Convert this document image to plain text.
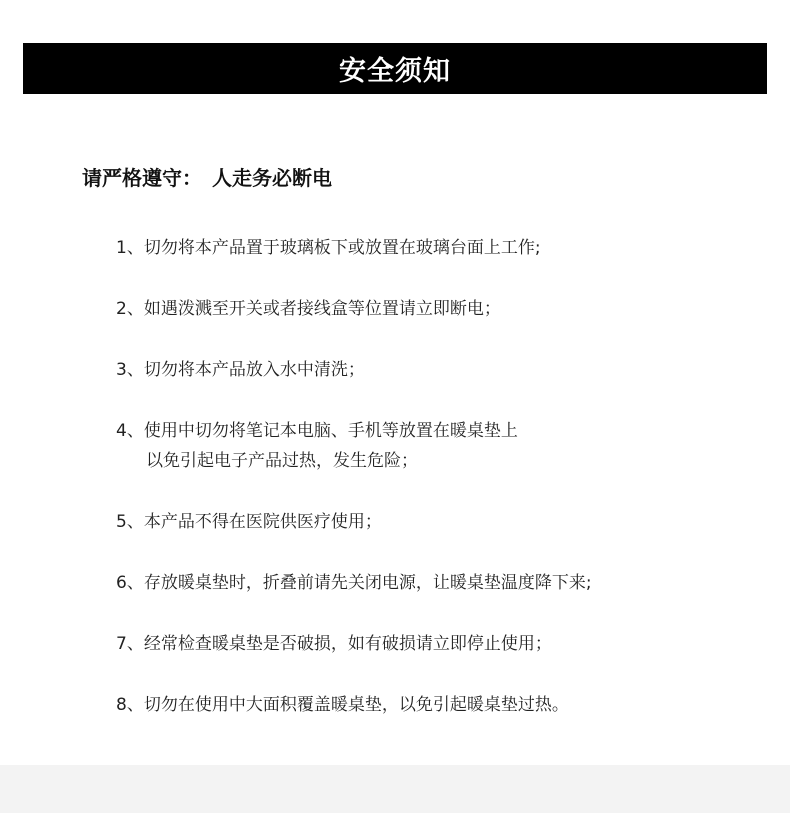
安全须知
请严格遵守： 人走务必断电
1、切勿将本产品置于玻璃板下或放置在玻璃台面上工作;
2、如遇泼溅至开关或者接线盒等位置请立即断电；
3、切勿将本产品放入水中清洗；
4、使用中切勿将笔记本电脑、手机等放置在暖桌垫上
以免引起电子产品过热，发生危险；
5、本产品不得在医院供医疗使用；
6、存放暖桌垫时，折叠前请先关闭电源，让暖桌垫温度降下来;
7、经常检查暖桌垫是否破损，如有破损请立即停止使用；
8、切勿在使用中大面积覆盖暖桌垫，以免引起暖桌垫过热。
